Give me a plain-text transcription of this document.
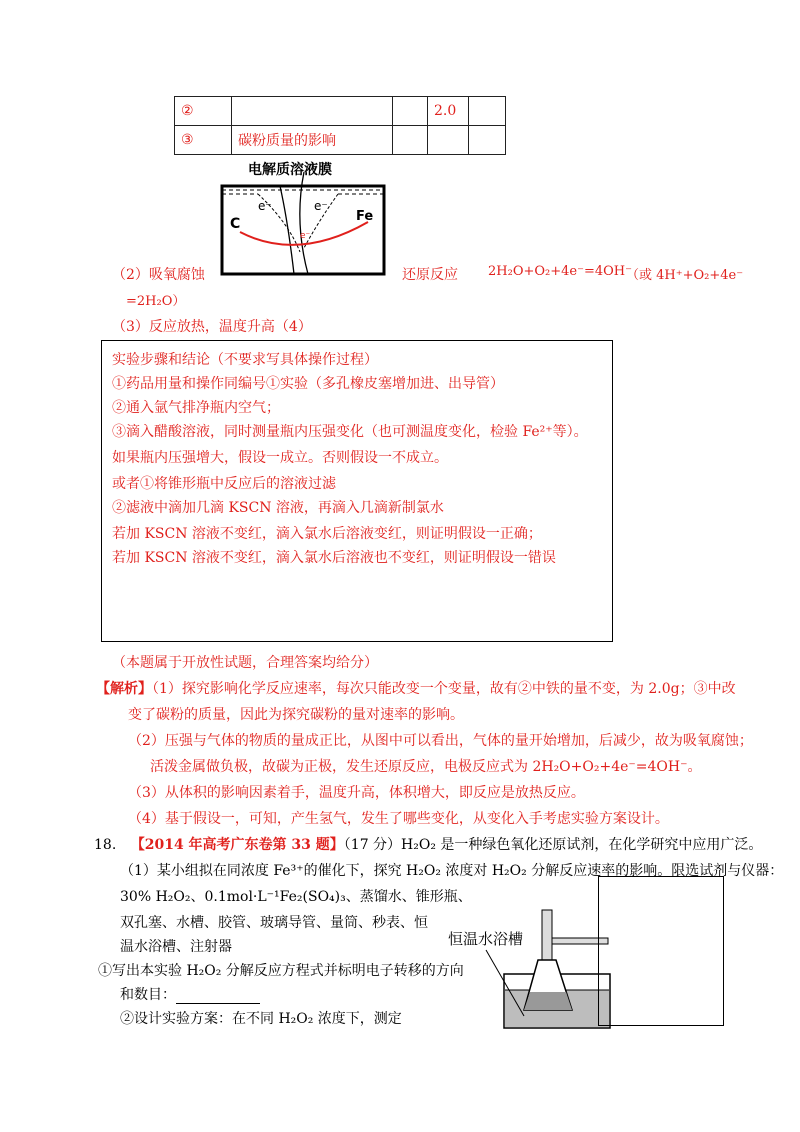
②			2.0	
③	碳粉质量的影响			
电解质溶液膜
C	Fe
e⁻	e⁻
e⁻
（2）吸氧腐蚀	还原反应 2H₂O+O₂+4e⁻=4OH⁻
（或 4H⁺+O₂+4e⁻
=2H₂O）
（3）反应放热，温度升高（4）
实验步骤和结论（不要求写具体操作过程）
①药品用量和操作同编号①实验（多孔橡皮塞增加进、出导管）
②通入氩气排净瓶内空气；
③滴入醋酸溶液，同时测量瓶内压强变化（也可测温度变化，检验 Fe²⁺等）。
如果瓶内压强增大，假设一成立。否则假设一不成立。
或者①将锥形瓶中反应后的溶液过滤
②滤液中滴加几滴 KSCN 溶液，再滴入几滴新制氯水
若加 KSCN 溶液不变红，滴入氯水后溶液变红，则证明假设一正确；
若加 KSCN 溶液不变红，滴入氯水后溶液也不变红，则证明假设一错误
（本题属于开放性试题，合理答案均给分）
【解析】（1）探究影响化学反应速率，每次只能改变一个变量，故有②中铁的量不变，为 2.0g；③中改
变了碳粉的质量，因此为探究碳粉的量对速率的影响。
（2）压强与气体的物质的量成正比，从图中可以看出，气体的量开始增加，后减少，故为吸氧腐蚀；
活泼金属做负极，故碳为正极，发生还原反应，电极反应式为 2H₂O+O₂+4e⁻=4OH⁻。
（3）从体积的影响因素着手，温度升高，体积增大，即反应是放热反应。
（4）基于假设一，可知，产生氢气，发生了哪些变化，从变化入手考虑实验方案设计。
18. 【2014 年高考广东卷第 33 题】（17 分）H₂O₂ 是一种绿色氧化还原试剂，在化学研究中应用广泛。
（1）某小组拟在同浓度 Fe³⁺的催化下，探究 H₂O₂ 浓度对 H₂O₂ 分解反应速率的影响。限选试剂与仪器：
30% H₂O₂、0.1mol·L⁻¹Fe₂(SO₄)₃、蒸馏水、锥形瓶、
双孔塞、水槽、胶管、玻璃导管、量筒、秒表、恒
温水浴槽、注射器
①写出本实验 H₂O₂ 分解反应方程式并标明电子转移的方向
和数目：
②设计实验方案：在不同 H₂O₂ 浓度下，测定
恒温水浴槽
